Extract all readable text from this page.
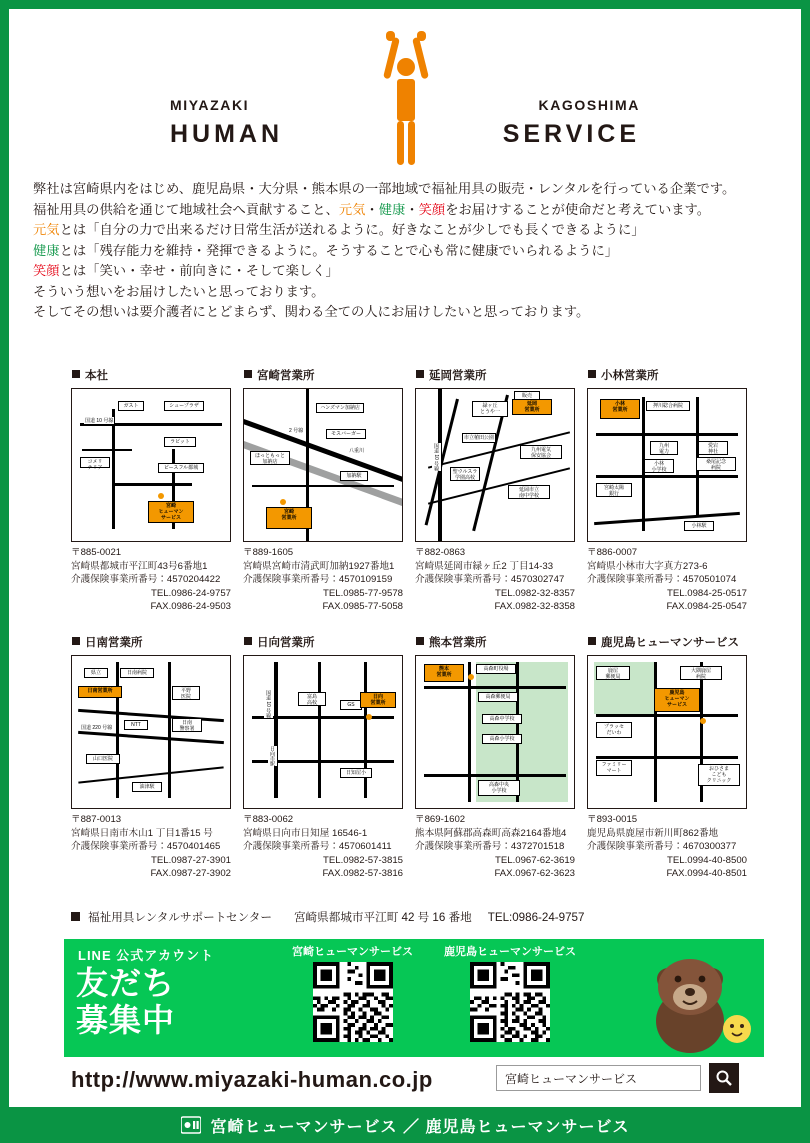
MIYAZAKI	KAGOSHIMA
HUMAN	SERVICE

弊社は宮崎県内をはじめ、鹿児島県・大分県・熊本県の一部地域で福祉用具の販売・レンタルを行っている企業です。

福祉用具の供給を通じて地域社会へ貢献すること、元気・健康・笑顔をお届けすることが使命だと考えています。

元気とは「自分の力で出来るだけ日常生活が送れるように。好きなことが少しでも長くできるように」

健康とは「残存能力を維持・発揮できるように。そうすることで心も常に健康でいられるように」

笑顔とは「笑い・幸せ・前向きに・そして楽しく」

そういう想いをお届けしたいと思っております。

そしてその想いは要介護者にとどまらず、関わる全ての人にお届けしたいと思っております。

本社
ガスト	シュープラザ
国道 10 号線
ラピット
コメリ
テリア	ピースフル都城
宮崎
ヒューマン
サービス
〒885-0021
宮崎県都城市平江町43号6番地1
介護保険事業所番号：4570204422
TEL.0986-24-9757
FAX.0986-24-9503
宮崎営業所
ハンズマン加納店
2 号線	モスバーガー
ほっともっと
加納店
八重川
加納駅
宮崎
営業所
〒889-1605
宮崎県宮崎市清武町加納1927番地1
介護保険事業所番号：4570109159
TEL.0985-77-9578
FAX.0985-77-5058
延岡営業所
国道 10 号線
延岡
営業所
緑ヶ丘
とうや一
販売
市立植田公園
九州電気
保安協会
聖ウルスラ
学園高校
延岡市立
南中学校
〒882-0863
宮崎県延岡市緑ヶ丘2 丁目14-33
介護保険事業所番号：4570302747
TEL.0982-32-8357
FAX.0982-32-8358
小林営業所
小林
営業所
押川総合病院
九州
電力
愛宕
神社
小林
小学校
桑尾記念
病院
宮崎太陽
銀行
小林駅
〒886-0007
宮崎県小林市大字真方273-6
介護保険事業所番号：4570501074
TEL.0984-25-0517
FAX.0984-25-0547
日南営業所
県立	日南病院
日南営業所	平野
医院
NTT	日南
警察署
国道 220 号線
山口医院
油津駅
〒887-0013
宮崎県日南市木山1 丁目1番15 号
介護保険事業所番号：4570401465
TEL.0987-27-3901
FAX.0987-27-3902
日向営業所
国道 10 号線
日向市駅
富島
高校	GS
日向
営業所
日知屋小
〒883-0062
宮崎県日向市日知屋 16546-1
介護保険事業所番号：4570601411
TEL.0982-57-3815
FAX.0982-57-3816
熊本営業所
熊本
営業所
高森町役場
高森郵便局
高森中学校
高森小学校
高森中央
小学校
〒869-1602
熊本県阿蘇郡高森町高森2164番地4
介護保険事業所番号：4372701518
TEL.0967-62-3619
FAX.0967-62-3623
鹿児島ヒューマンサービス
鹿屋
郵便局
大隅鹿屋
病院
鹿児島
ヒューマン
サービス
プラッセ
だいわ
ファミリー
マート	おひさま
こども
クリニック
〒893-0015
鹿児島県鹿屋市新川町862番地
介護保険事業所番号：4670300377
TEL.0994-40-8500
FAX.0994-40-8501
福祉用具レンタルサポートセンター 宮崎県都城市平江町 42 号 16 番地 TEL:0986-24-9757
LINE 公式アカウント
友だち
募集中
宮崎ヒューマンサービス	鹿児島ヒューマンサービス
http://www.miyazaki-human.co.jp
宮崎ヒューマンサービス
宮崎ヒューマンサービス ／ 鹿児島ヒューマンサービス
